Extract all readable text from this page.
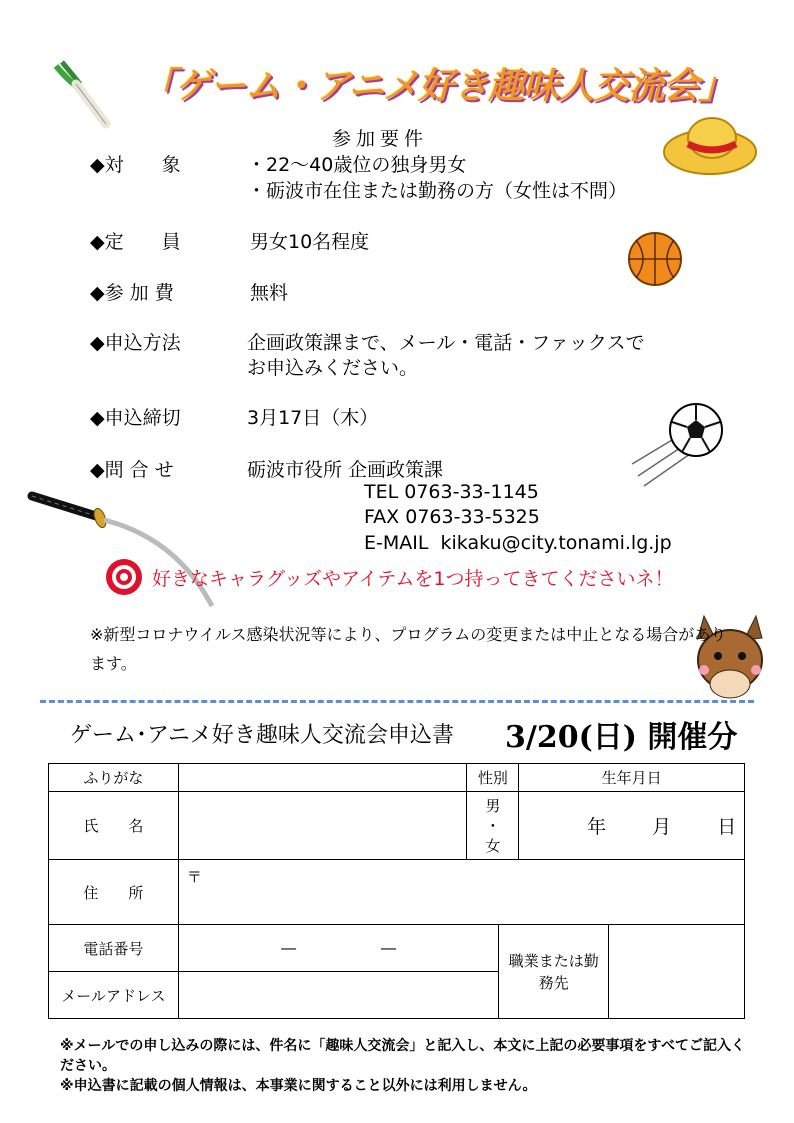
「ゲーム・アニメ好き趣味人交流会」
参加要件
◆対　　象	・22～40歳位の独身男女
・砺波市在住または勤務の方（女性は不問）
◆定　　員	男女10名程度
◆参 加 費	無料
◆申込方法	企画政策課まで、メール・電話・ファックスで
お申込みください。
◆申込締切	3月17日（木）
◆問 合 せ	砺波市役所 企画政策課
TEL 0763-33-1145
FAX 0763-33-5325
E-MAIL  kikaku@city.tonami.lg.jp
好きなキャラグッズやアイテムを1つ持ってきてくださいネ！
※新型コロナウイルス感染状況等により、プログラムの変更または中止となる場合があります。
ゲーム･アニメ好き趣味人交流会申込書 3/20(日) 開催分
ふりがな		性別		生年月日	
氏　　名		男
・
女		年 月 日	
住　　所	〒				
電話番号	― ―		職業または勤務先		
メールアドレス					
※メールでの申し込みの際には、件名に「趣味人交流会」と記入し、本文に上記の必要事項をすべてご記入ください。
※申込書に記載の個人情報は、本事業に関すること以外には利用しません。
